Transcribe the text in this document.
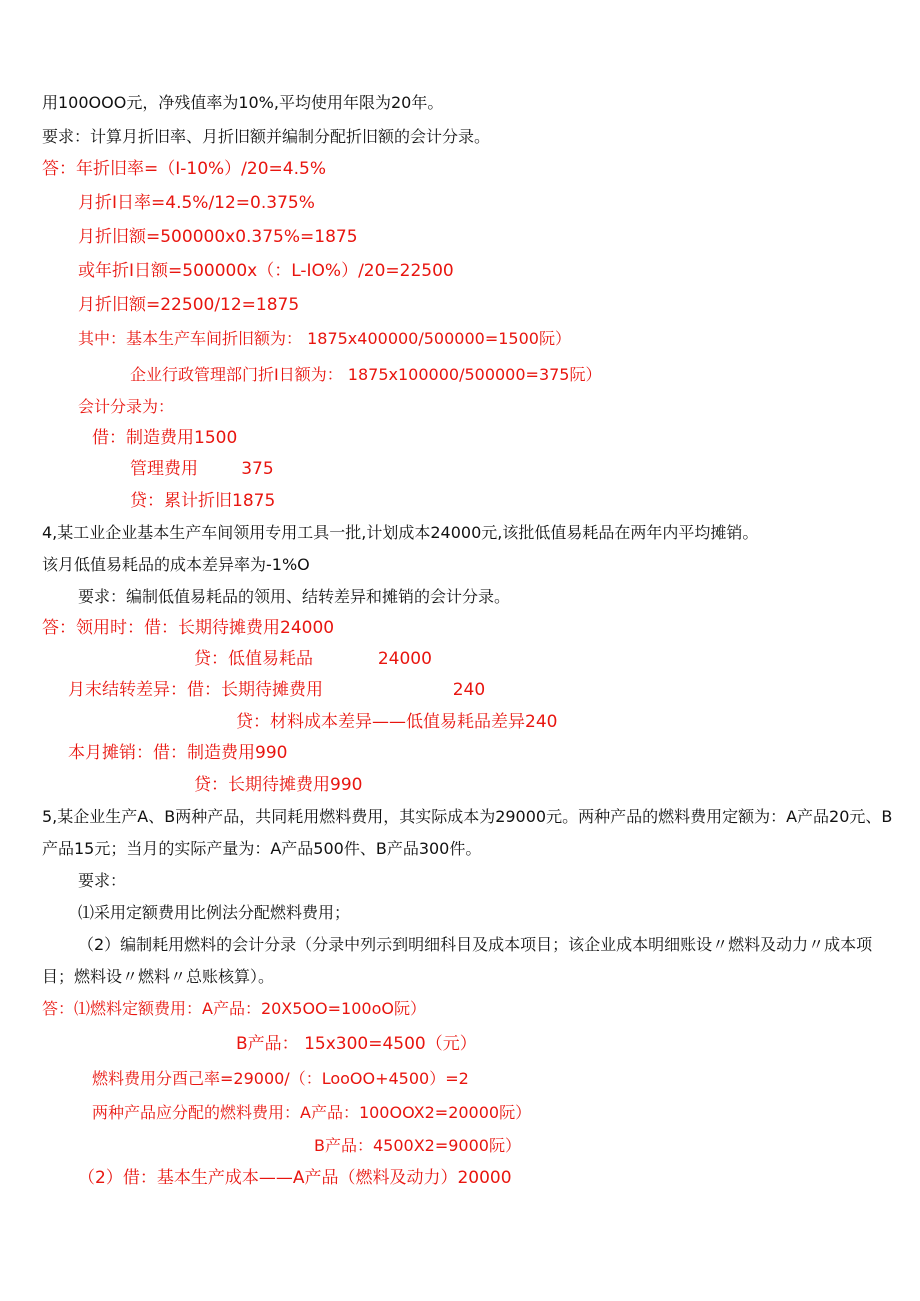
用100OOO元，净残值率为10%,平均使用年限为20年。
要求：计算月折旧率、月折旧额并编制分配折旧额的会计分录。
答：年折旧率=（I-10%）∕20=4.5%
月折I日率=4.5%∕12=0.375%
月折旧额=500000x0.375%=1875
或年折I日额=500000x（：L-IO%）∕20=22500
月折旧额=22500/12=1875
其中：基本生产车间折旧额为： 1875x400000/500000=1500阮）
企业行政管理部门折I日额为： 1875x100000/500000=375阮）
会计分录为：
借：制造费用1500
管理费用        375
贷：累计折旧1875
4,某工业企业基本生产车间领用专用工具一批,计划成本24000元,该批低值易耗品在两年内平均摊销。
该月低值易耗品的成本差异率为-1%O
要求：编制低值易耗品的领用、结转差异和摊销的会计分录。
答：领用时：借：长期待摊费用24000
贷：低值易耗品            24000
月末结转差异：借：长期待摊费用                        240
贷：材料成本差异——低值易耗品差异240
本月摊销：借：制造费用990
贷：长期待摊费用990
5,某企业生产A、B两种产品，共同耗用燃料费用，其实际成本为29000元。两种产品的燃料费用定额为：A产品20元、B
产品15元；当月的实际产量为：A产品500件、B产品300件。
要求：
⑴采用定额费用比例法分配燃料费用；
（2）编制耗用燃料的会计分录（分录中列示到明细科目及成本项目；该企业成本明细账设〃燃料及动力〃成本项
目；燃料设〃燃料〃总账核算）。
答：⑴燃料定额费用：A产品：20X5OO=100oO阮）
B产品： 15x300=4500（元）
燃料费用分酉己率=29000/（：LooOO+4500）=2
两种产品应分配的燃料费用：A产品：100OOX2=20000阮）
B产品：4500X2=9000阮）
（2）借：基本生产成本——A产品（燃料及动力）20000
